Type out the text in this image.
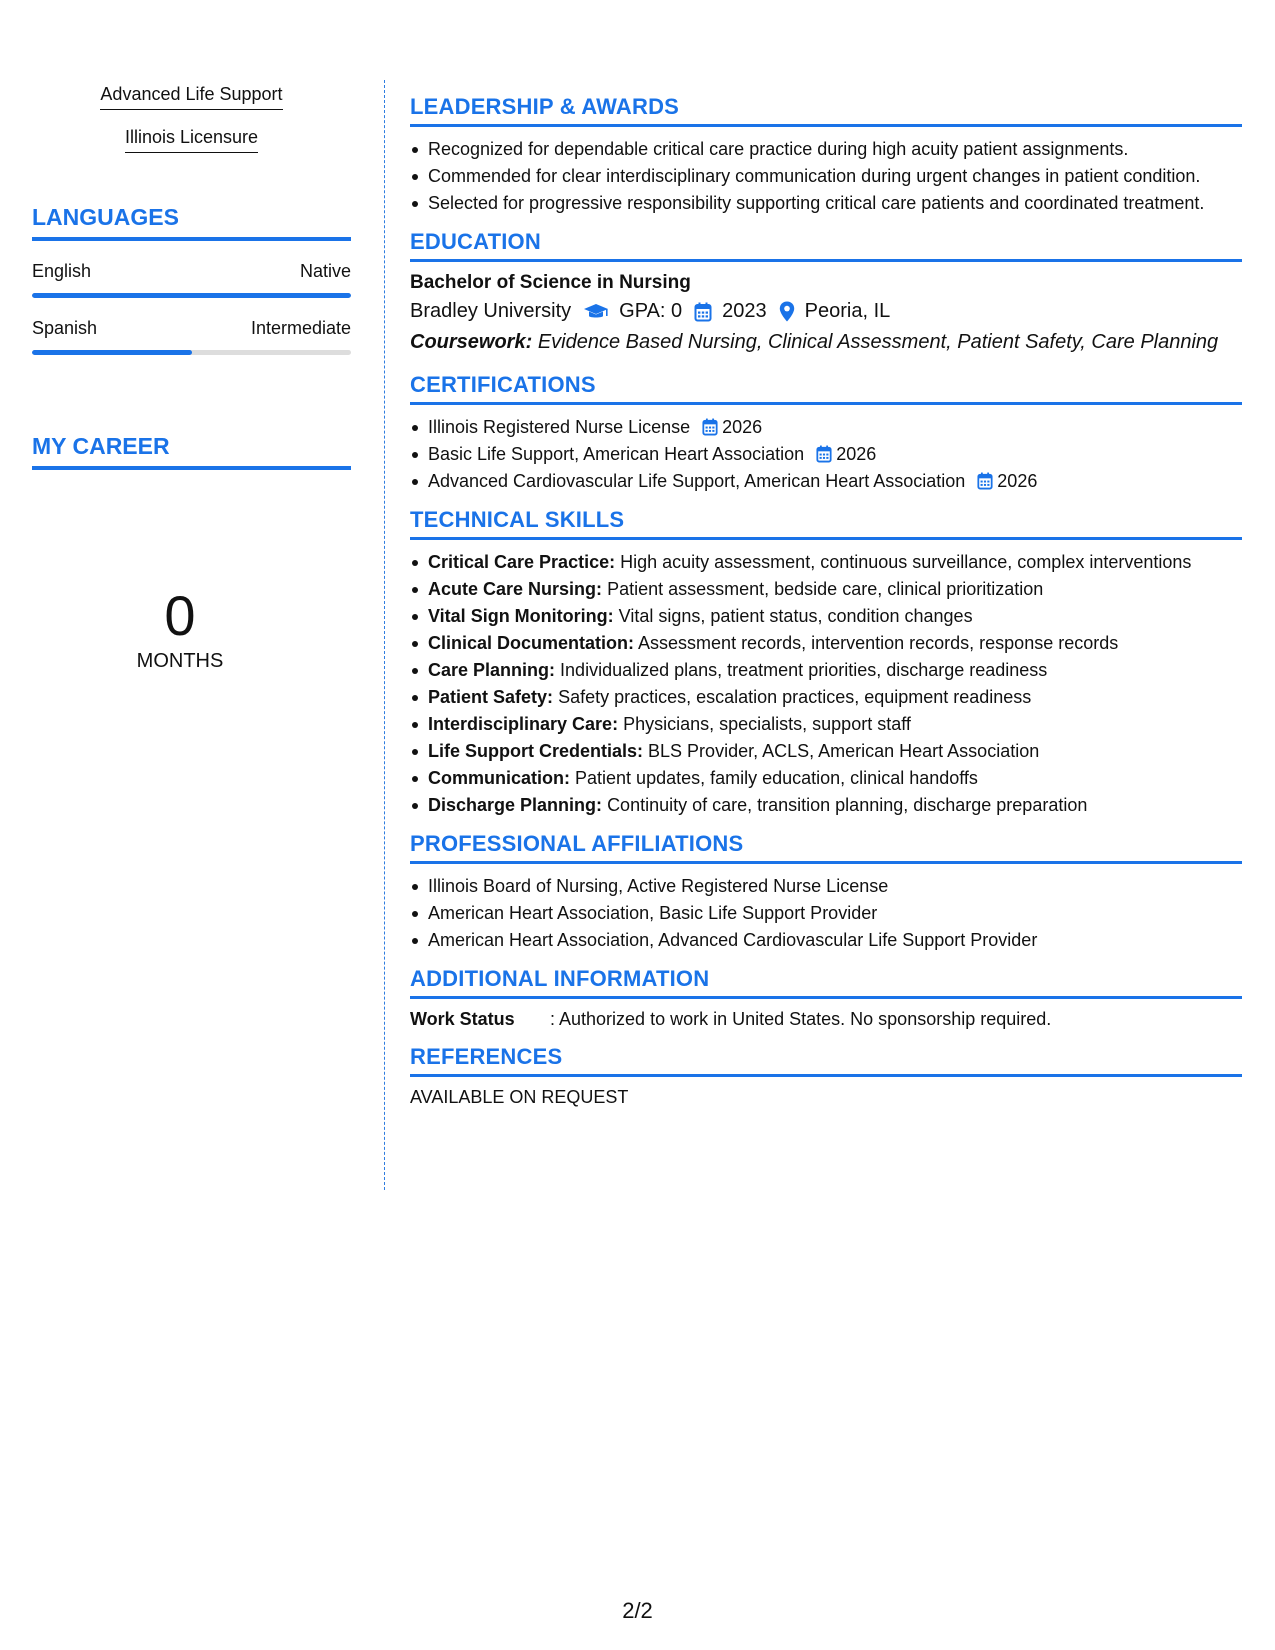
Advanced Life Support
Illinois Licensure
LANGUAGES
English	Native
Spanish	Intermediate
MY CAREER
0
MONTHS
LEADERSHIP & AWARDS
Recognized for dependable critical care practice during high acuity patient assignments.
Commended for clear interdisciplinary communication during urgent changes in patient condition.
Selected for progressive responsibility supporting critical care patients and coordinated treatment.
EDUCATION
Bachelor of Science in Nursing
Bradley University GPA: 0 2023 Peoria, IL
Coursework: Evidence Based Nursing, Clinical Assessment, Patient Safety, Care Planning
CERTIFICATIONS
Illinois Registered Nurse License 2026
Basic Life Support, American Heart Association 2026
Advanced Cardiovascular Life Support, American Heart Association 2026
TECHNICAL SKILLS
Critical Care Practice: High acuity assessment, continuous surveillance, complex interventions
Acute Care Nursing: Patient assessment, bedside care, clinical prioritization
Vital Sign Monitoring: Vital signs, patient status, condition changes
Clinical Documentation: Assessment records, intervention records, response records
Care Planning: Individualized plans, treatment priorities, discharge readiness
Patient Safety: Safety practices, escalation practices, equipment readiness
Interdisciplinary Care: Physicians, specialists, support staff
Life Support Credentials: BLS Provider, ACLS, American Heart Association
Communication: Patient updates, family education, clinical handoffs
Discharge Planning: Continuity of care, transition planning, discharge preparation
PROFESSIONAL AFFILIATIONS
Illinois Board of Nursing, Active Registered Nurse License
American Heart Association, Basic Life Support Provider
American Heart Association, Advanced Cardiovascular Life Support Provider
ADDITIONAL INFORMATION
Work Status	: Authorized to work in United States. No sponsorship required.
REFERENCES
AVAILABLE ON REQUEST
2/2
